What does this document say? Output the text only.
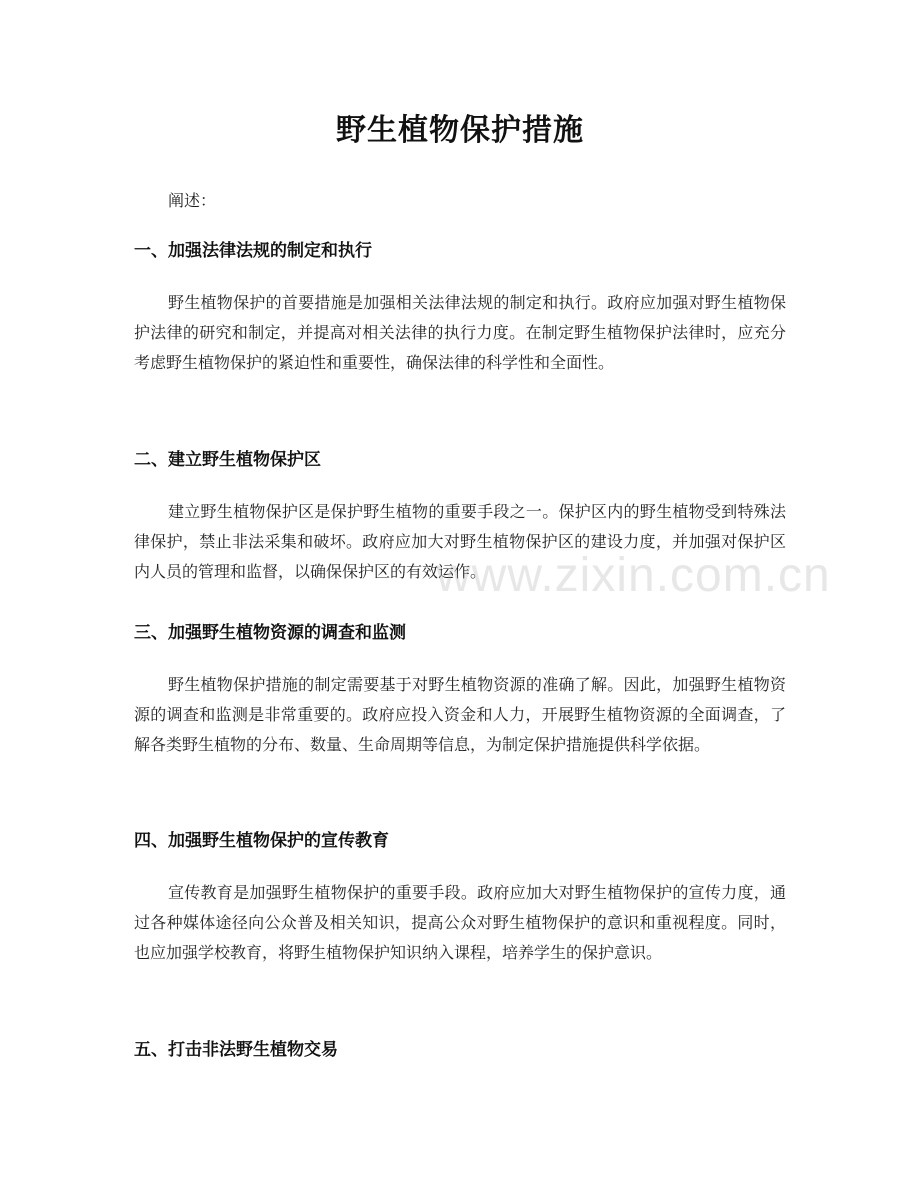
野生植物保护措施

阐述：

一、加强法律法规的制定和执行

野生植物保护的首要措施是加强相关法律法规的制定和执行。政府应加强对野生植物保护法律的研究和制定，并提高对相关法律的执行力度。在制定野生植物保护法律时，应充分考虑野生植物保护的紧迫性和重要性，确保法律的科学性和全面性。

二、建立野生植物保护区

建立野生植物保护区是保护野生植物的重要手段之一。保护区内的野生植物受到特殊法律保护，禁止非法采集和破坏。政府应加大对野生植物保护区的建设力度，并加强对保护区内人员的管理和监督，以确保保护区的有效运作。

三、加强野生植物资源的调查和监测

野生植物保护措施的制定需要基于对野生植物资源的准确了解。因此，加强野生植物资源的调查和监测是非常重要的。政府应投入资金和人力，开展野生植物资源的全面调查，了解各类野生植物的分布、数量、生命周期等信息，为制定保护措施提供科学依据。

四、加强野生植物保护的宣传教育

宣传教育是加强野生植物保护的重要手段。政府应加大对野生植物保护的宣传力度，通过各种媒体途径向公众普及相关知识，提高公众对野生植物保护的意识和重视程度。同时，也应加强学校教育，将野生植物保护知识纳入课程，培养学生的保护意识。

五、打击非法野生植物交易
www.zixin.com.cn
